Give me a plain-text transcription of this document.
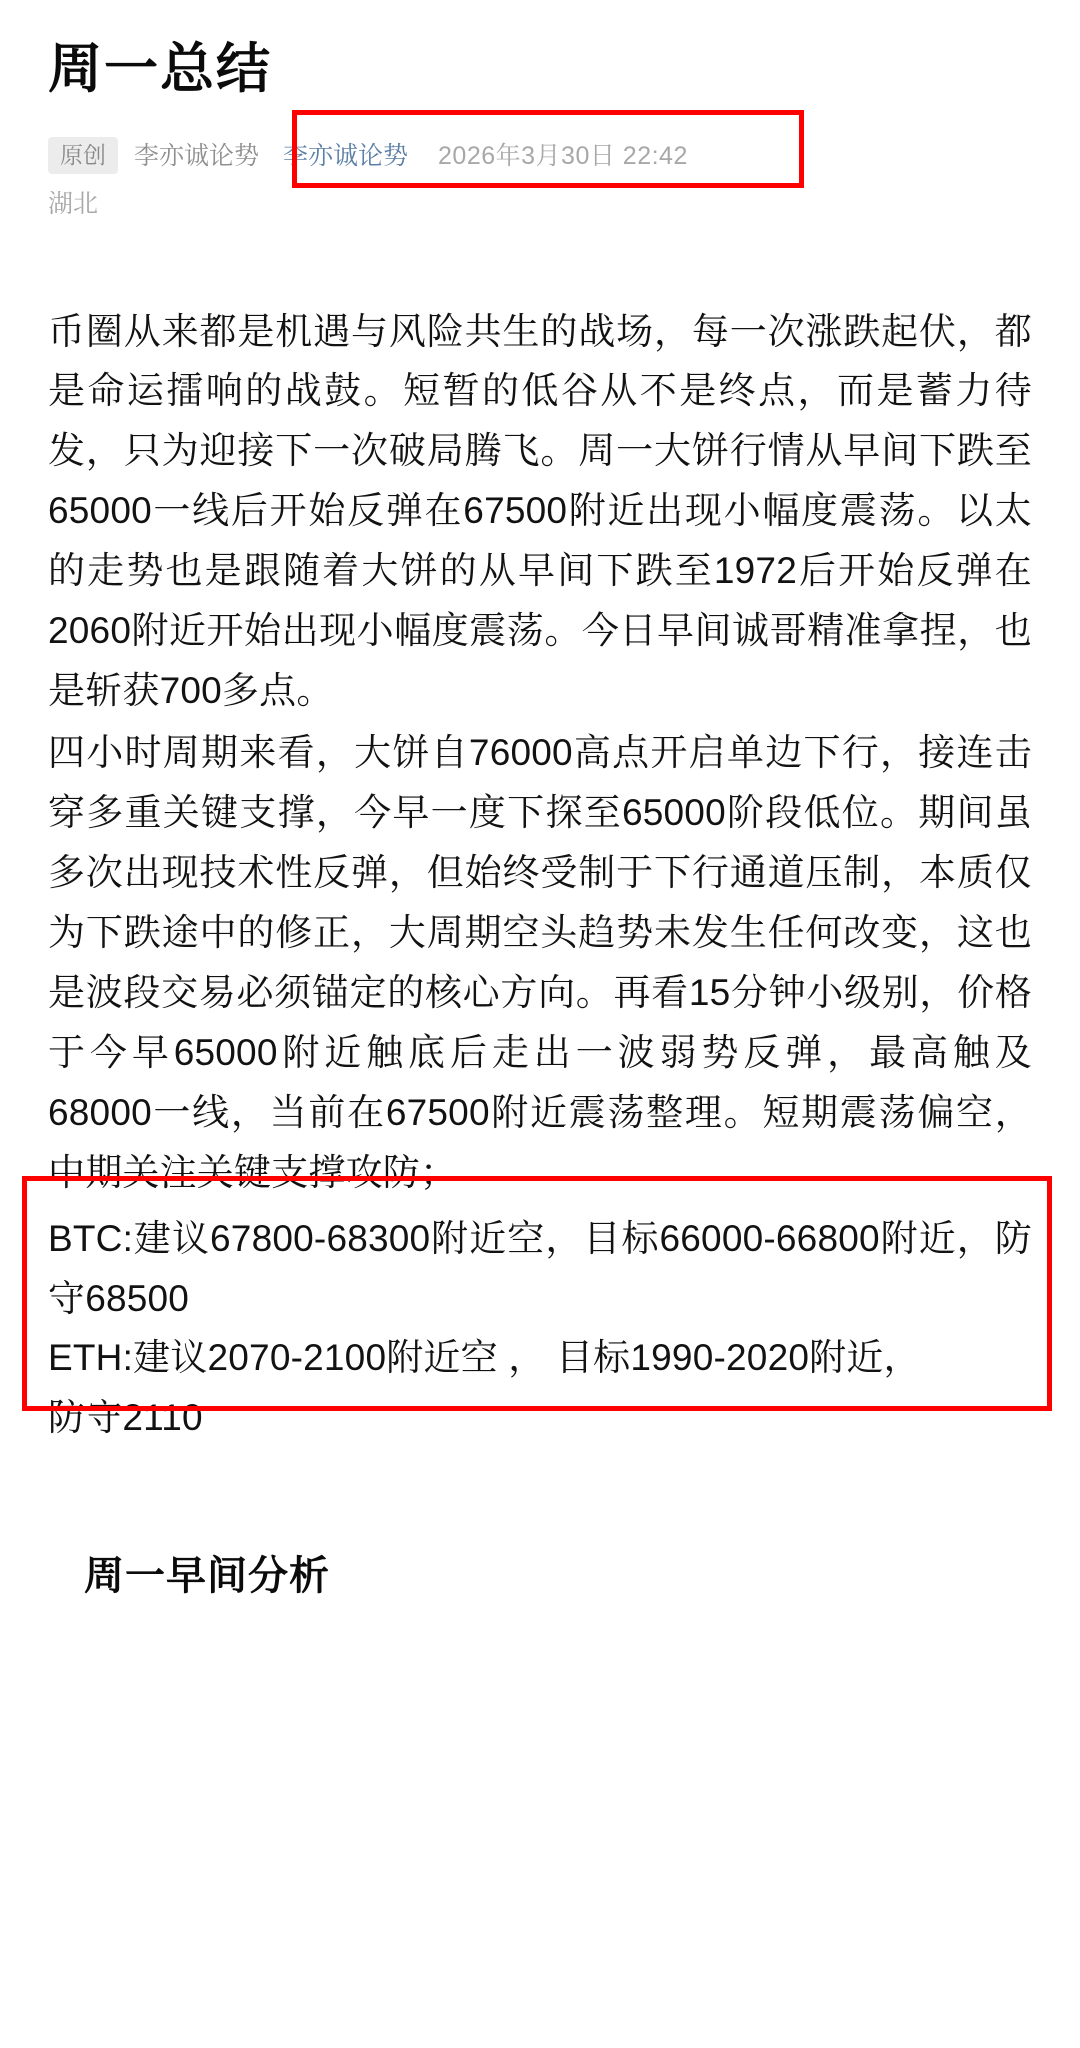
周一总结
原创	李亦诚论势 李亦诚论势 2026年3月30日 22:42
湖北

币圈从来都是机遇与风险共生的战场，每一次涨跌起伏，都是命运擂响的战鼓。短暂的低谷从不是终点，而是蓄力待发，只为迎接下一次破局腾飞。周一大饼行情从早间下跌至65000一线后开始反弹在67500附近出现小幅度震荡。以太的走势也是跟随着大饼的从早间下跌至1972后开始反弹在2060附近开始出现小幅度震荡。今日早间诚哥精准拿捏，也是斩获700多点。

四小时周期来看，大饼自76000高点开启单边下行，接连击穿多重关键支撑，今早一度下探至65000阶段低位。期间虽多次出现技术性反弹，但始终受制于下行通道压制，本质仅为下跌途中的修正，大周期空头趋势未发生任何改变，这也是波段交易必须锚定的核心方向。再看15分钟小级别，价格于今早65000附近触底后走出一波弱势反弹，最高触及68000一线，当前在67500附近震荡整理。短期震荡偏空，中期关注关键支撑攻防；

BTC:建议67800-68300附近空，目标66000-66800附近，防守68500
ETH:建议2070-2100附近空 ， 目标1990-2020附近，
防守2110
周一早间分析
